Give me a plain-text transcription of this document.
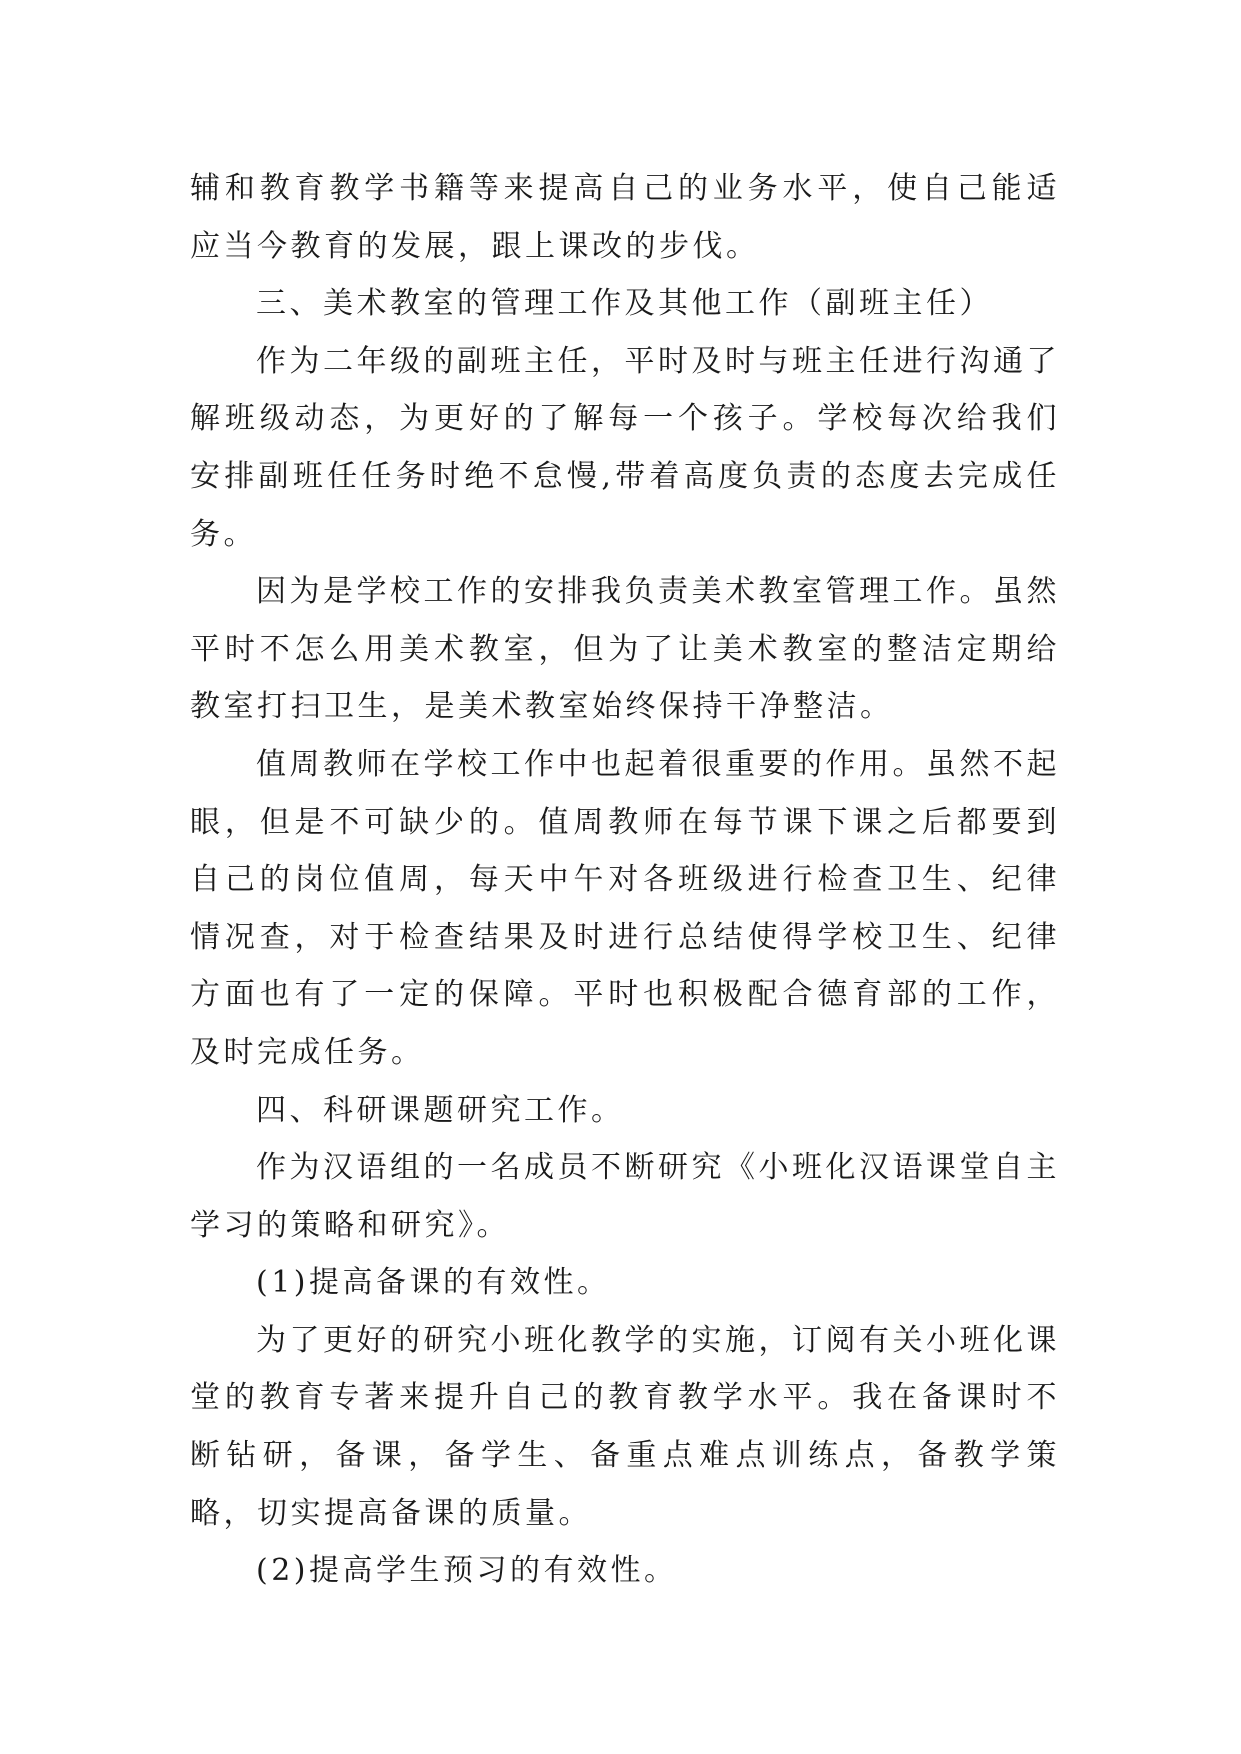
辅和教育教学书籍等来提高自己的业务水平，使自己能适应当今教育的发展，跟上课改的步伐。

三、美术教室的管理工作及其他工作（副班主任）

作为二年级的副班主任，平时及时与班主任进行沟通了解班级动态，为更好的了解每一个孩子。学校每次给我们安排副班任任务时绝不怠慢,带着高度负责的态度去完成任务。

因为是学校工作的安排我负责美术教室管理工作。虽然平时不怎么用美术教室，但为了让美术教室的整洁定期给教室打扫卫生，是美术教室始终保持干净整洁。

值周教师在学校工作中也起着很重要的作用。虽然不起眼，但是不可缺少的。值周教师在每节课下课之后都要到自己的岗位值周，每天中午对各班级进行检查卫生、纪律情况查，对于检查结果及时进行总结使得学校卫生、纪律方面也有了一定的保障。平时也积极配合德育部的工作，及时完成任务。

四、科研课题研究工作。

作为汉语组的一名成员不断研究《小班化汉语课堂自主学习的策略和研究》。

(1)提高备课的有效性。

为了更好的研究小班化教学的实施，订阅有关小班化课堂的教育专著来提升自己的教育教学水平。我在备课时不断钻研，备课，备学生、备重点难点训练点，备教学策略，切实提高备课的质量。

(2)提高学生预习的有效性。
